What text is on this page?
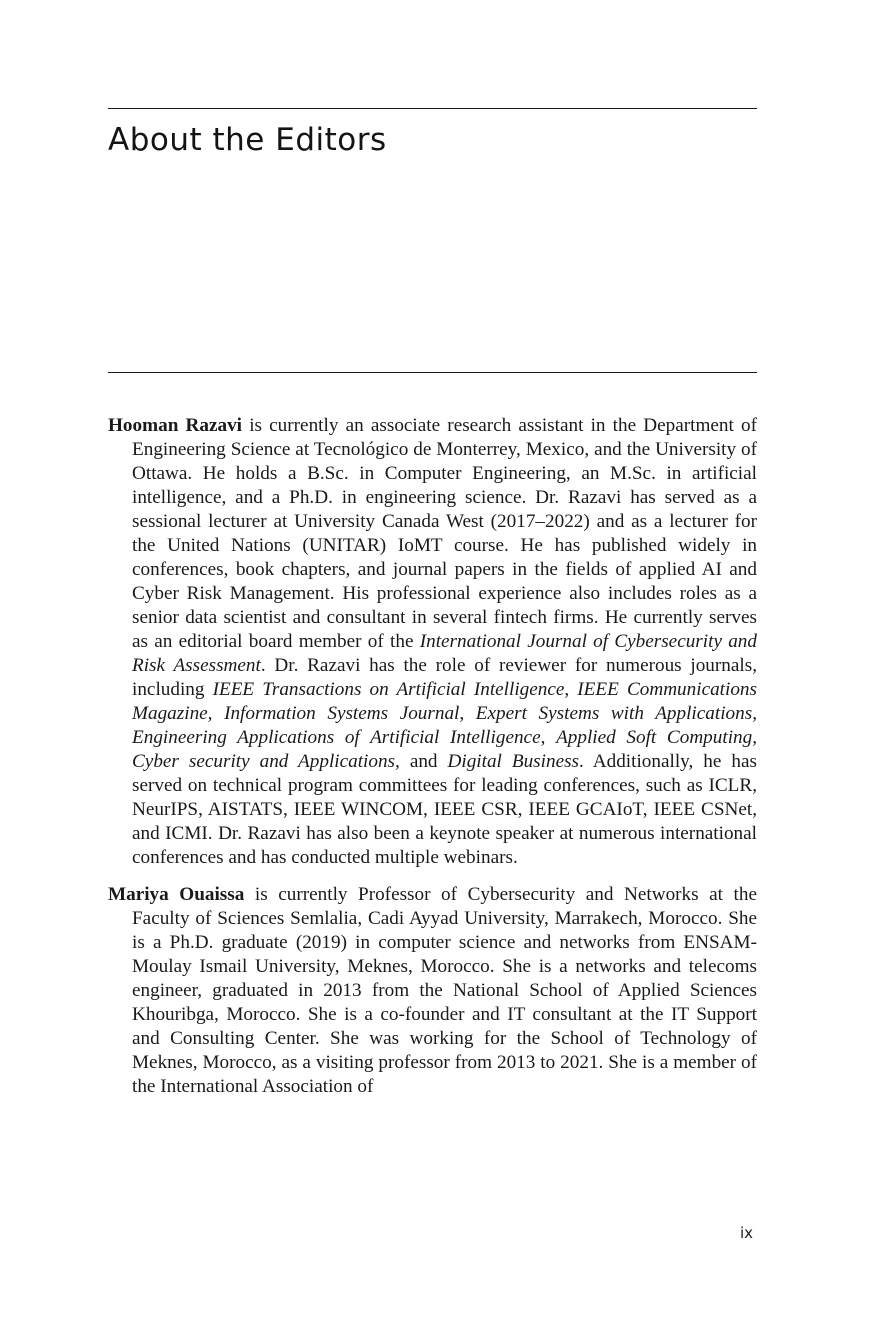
About the Editors

Hooman Razavi is currently an associate research assistant in the Department of Engineering Science at Tecnológico de Monterrey, Mexico, and the University of Ottawa. He holds a B.Sc. in Computer Engineering, an M.Sc. in artificial intelligence, and a Ph.D. in engineering science. Dr. Razavi has served as a sessional lecturer at University Canada West (2017–2022) and as a lecturer for the United Nations (UNITAR) IoMT course. He has published widely in conferences, book chapters, and journal papers in the fields of applied AI and Cyber Risk Management. His professional experience also includes roles as a senior data scientist and consultant in several fintech firms. He currently serves as an editorial board member of the International Journal of Cybersecurity and Risk Assessment. Dr. Razavi has the role of reviewer for numerous journals, including IEEE Transactions on Artificial Intelligence, IEEE Communications Magazine, Information Systems Journal, Expert Systems with Applications, Engineering Applications of Artificial Intelligence, Applied Soft Computing, Cyber security and Applications, and Digital Business. Additionally, he has served on technical program committees for leading conferences, such as ICLR, NeurIPS, AISTATS, IEEE WINCOM, IEEE CSR, IEEE GCAIoT, IEEE CSNet, and ICMI. Dr. Razavi has also been a keynote speaker at numerous international conferences and has conducted multiple webinars.

Mariya Ouaissa is currently Professor of Cybersecurity and Networks at the Faculty of Sciences Semlalia, Cadi Ayyad University, Marrakech, Morocco. She is a Ph.D. graduate (2019) in computer science and networks from ENSAM-Moulay Ismail University, Meknes, Morocco. She is a networks and telecoms engineer, graduated in 2013 from the National School of Applied Sciences Khouribga, Morocco. She is a co-founder and IT consultant at the IT Support and Consulting Center. She was working for the School of Technology of Meknes, Morocco, as a visiting professor from 2013 to 2021. She is a member of the International Association of

ix
